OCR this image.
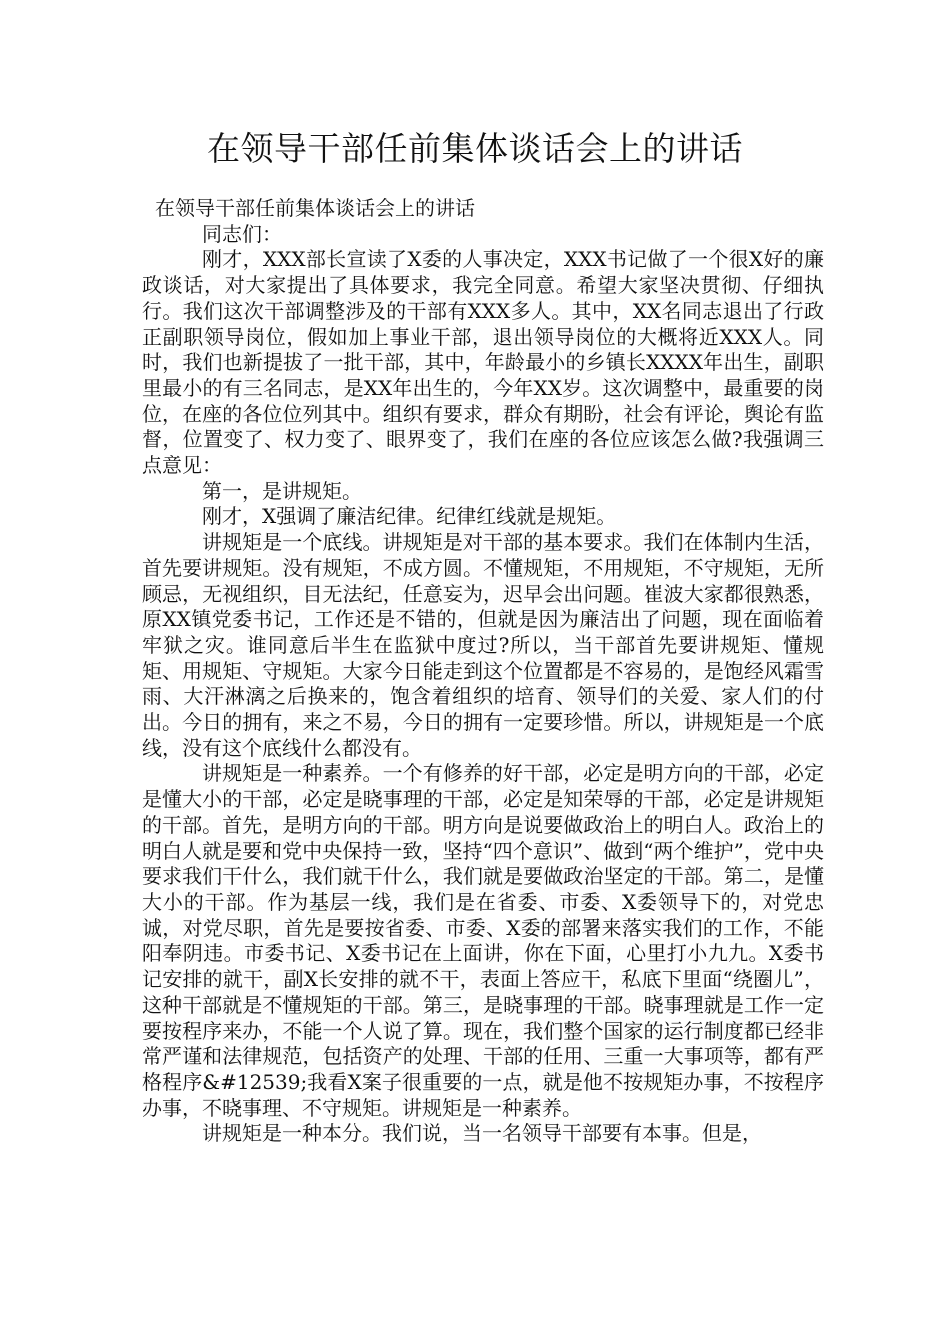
在领导干部任前集体谈话会上的讲话

在领导干部任前集体谈话会上的讲话

同志们：

刚才，XXX部长宣读了X委的人事决定，XXX书记做了一个很X好的廉政谈话，对大家提出了具体要求，我完全同意。希望大家坚决贯彻、仔细执行。我们这次干部调整涉及的干部有XXX多人。其中，XX名同志退出了行政正副职领导岗位，假如加上事业干部，退出领导岗位的大概将近XXX人。同时，我们也新提拔了一批干部，其中，年龄最小的乡镇长XXXX年出生，副职里最小的有三名同志，是XX年出生的，今年XX岁。这次调整中，最重要的岗位，在座的各位位列其中。组织有要求，群众有期盼，社会有评论，舆论有监督，位置变了、权力变了、眼界变了，我们在座的各位应该怎么做?我强调三点意见：

第一，是讲规矩。

刚才，X强调了廉洁纪律。纪律红线就是规矩。

讲规矩是一个底线。讲规矩是对干部的基本要求。我们在体制内生活，首先要讲规矩。没有规矩，不成方圆。不懂规矩，不用规矩，不守规矩，无所顾忌，无视组织，目无法纪，任意妄为，迟早会出问题。崔波大家都很熟悉，原XX镇党委书记，工作还是不错的，但就是因为廉洁出了问题，现在面临着牢狱之灾。谁同意后半生在监狱中度过?所以，当干部首先要讲规矩、懂规矩、用规矩、守规矩。大家今日能走到这个位置都是不容易的，是饱经风霜雪雨、大汗淋漓之后换来的，饱含着组织的培育、领导们的关爱、家人们的付出。今日的拥有，来之不易，今日的拥有一定要珍惜。所以，讲规矩是一个底线，没有这个底线什么都没有。

讲规矩是一种素养。一个有修养的好干部，必定是明方向的干部，必定是懂大小的干部，必定是晓事理的干部，必定是知荣辱的干部，必定是讲规矩的干部。首先，是明方向的干部。明方向是说要做政治上的明白人。政治上的明白人就是要和党中央保持一致，坚持“四个意识”、做到“两个维护”，党中央要求我们干什么，我们就干什么，我们就是要做政治坚定的干部。第二，是懂大小的干部。作为基层一线，我们是在省委、市委、X委领导下的，对党忠诚，对党尽职，首先是要按省委、市委、X委的部署来落实我们的工作，不能阳奉阴违。市委书记、X委书记在上面讲，你在下面，心里打小九九。X委书记安排的就干，副X长安排的就不干，表面上答应干，私底下里面“绕圈儿”，这种干部就是不懂规矩的干部。第三，是晓事理的干部。晓事理就是工作一定要按程序来办，不能一个人说了算。现在，我们整个国家的运行制度都已经非常严谨和法律规范，包括资产的处理、干部的任用、三重一大事项等，都有严格程序&#12539;我看X案子很重要的一点，就是他不按规矩办事，不按程序办事，不晓事理、不守规矩。讲规矩是一种素养。

讲规矩是一种本分。我们说，当一名领导干部要有本事。但是，
